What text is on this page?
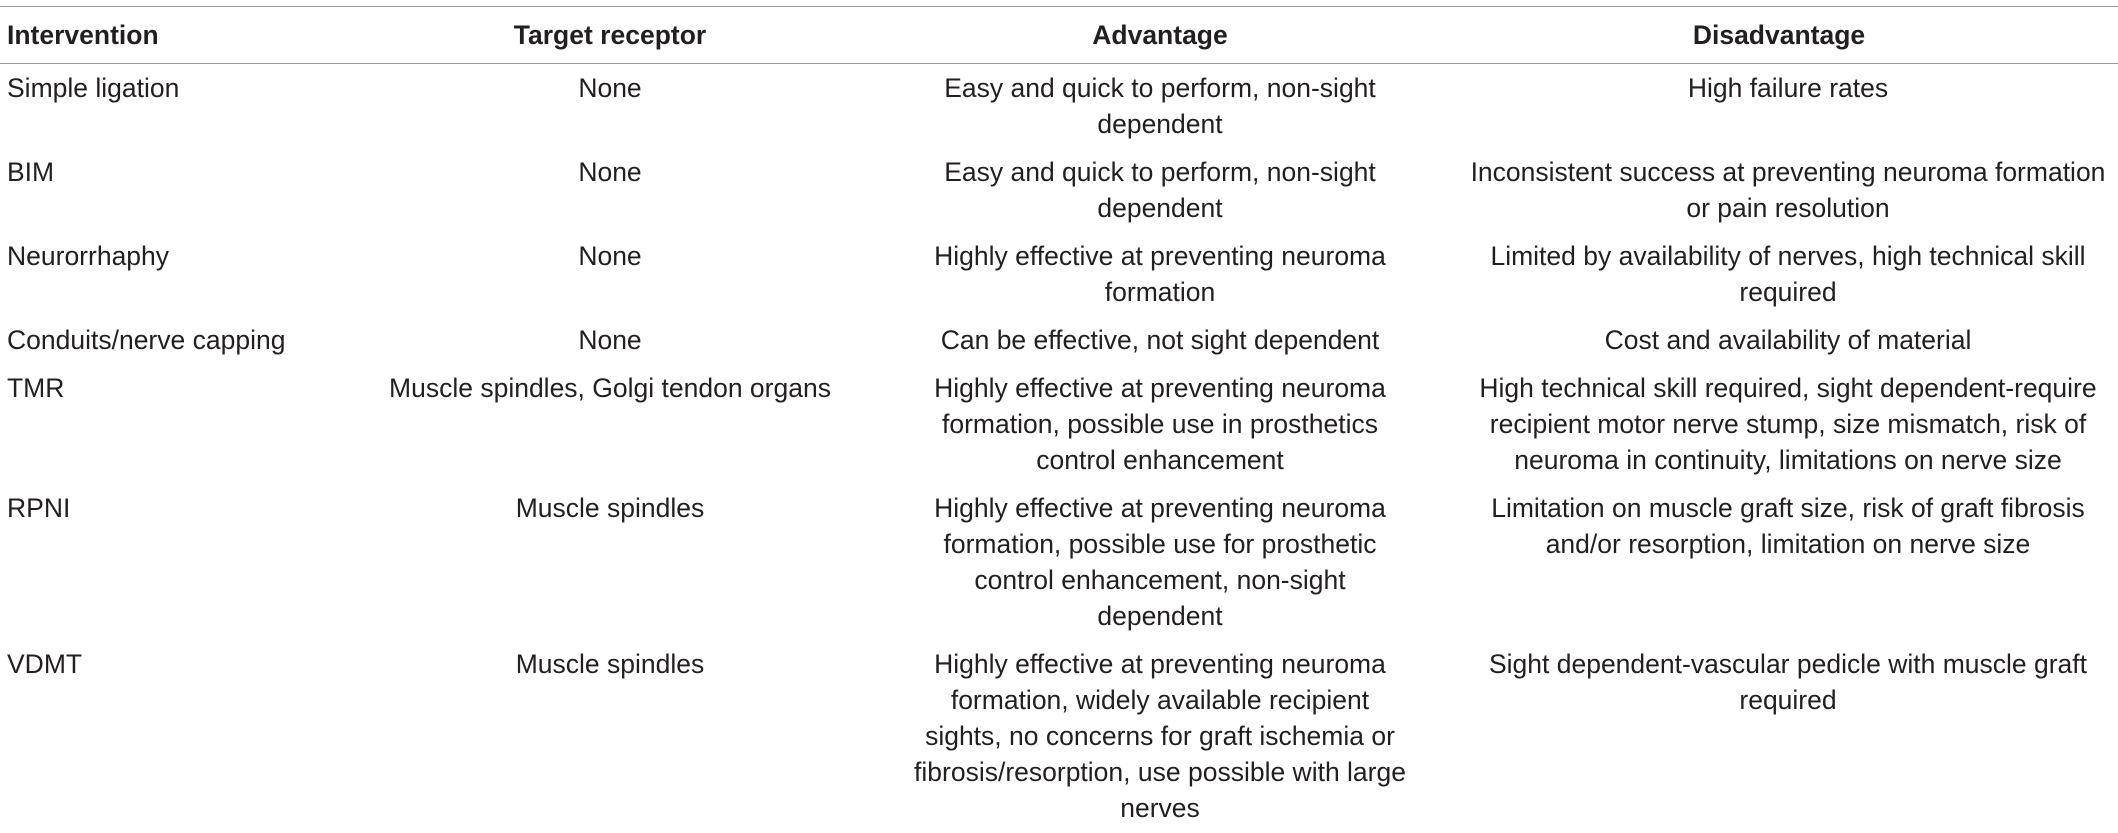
Intervention	Target receptor	Advantage	Disadvantage
Simple ligation	None	Easy and quick to perform, non-sight dependent	High failure rates
BIM	None	Easy and quick to perform, non-sight dependent	Inconsistent success at preventing neuroma formation or pain resolution
Neurorrhaphy	None	Highly effective at preventing neuroma formation	Limited by availability of nerves, high technical skill required
Conduits/nerve capping	None	Can be effective, not sight dependent	Cost and availability of material
TMR	Muscle spindles, Golgi tendon organs	Highly effective at preventing neuroma formation, possible use in prosthetics control enhancement	High technical skill required, sight dependent-require recipient motor nerve stump, size mismatch, risk of neuroma in continuity, limitations on nerve size
RPNI	Muscle spindles	Highly effective at preventing neuroma formation, possible use for prosthetic control enhancement, non-sight dependent	Limitation on muscle graft size, risk of graft fibrosis and/or resorption, limitation on nerve size
VDMT	Muscle spindles	Highly effective at preventing neuroma formation, widely available recipient sights, no concerns for graft ischemia or fibrosis/resorption, use possible with large nerves	Sight dependent-vascular pedicle with muscle graft required
